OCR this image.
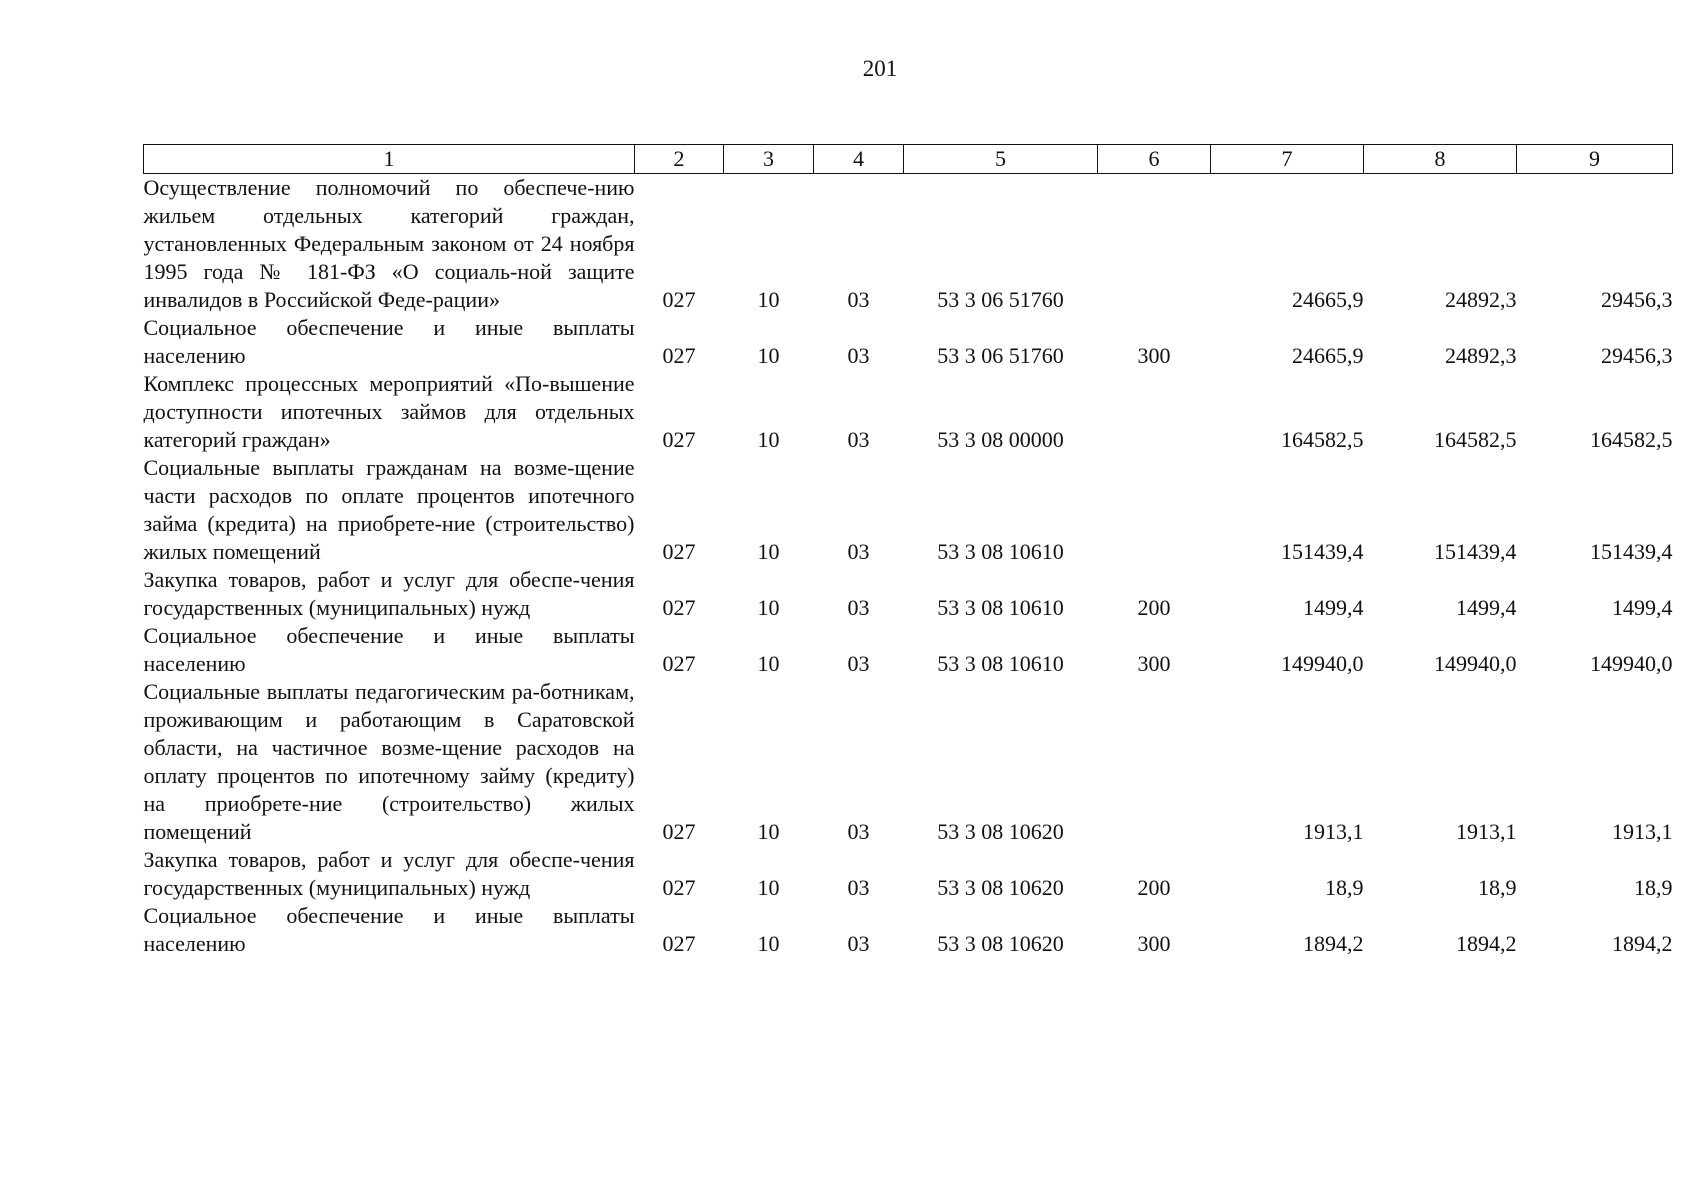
201
1	2	3	4	5	6	7	8	9
Осуществление полномочий по обеспече-нию жильем отдельных категорий граждан, установленных Федеральным законом от 24 ноября 1995 года № 181-ФЗ «О социаль-ной защите инвалидов в Российской Феде-рации»	027	10	03	53 3 06 51760		24665,9	24892,3	29456,3
Социальное обеспечение и иные выплаты населению	027	10	03	53 3 06 51760	300	24665,9	24892,3	29456,3
Комплекс процессных мероприятий «По-вышение доступности ипотечных займов для отдельных категорий граждан»	027	10	03	53 3 08 00000		164582,5	164582,5	164582,5
Социальные выплаты гражданам на возме-щение части расходов по оплате процентов ипотечного займа (кредита) на приобрете-ние (строительство) жилых помещений	027	10	03	53 3 08 10610		151439,4	151439,4	151439,4
Закупка товаров, работ и услуг для обеспе-чения государственных (муниципальных) нужд	027	10	03	53 3 08 10610	200	1499,4	1499,4	1499,4
Социальное обеспечение и иные выплаты населению	027	10	03	53 3 08 10610	300	149940,0	149940,0	149940,0
Социальные выплаты педагогическим ра-ботникам, проживающим и работающим в Саратовской области, на частичное возме-щение расходов на оплату процентов по ипотечному займу (кредиту) на приобрете-ние (строительство) жилых помещений	027	10	03	53 3 08 10620		1913,1	1913,1	1913,1
Закупка товаров, работ и услуг для обеспе-чения государственных (муниципальных) нужд	027	10	03	53 3 08 10620	200	18,9	18,9	18,9
Социальное обеспечение и иные выплаты населению	027	10	03	53 3 08 10620	300	1894,2	1894,2	1894,2
